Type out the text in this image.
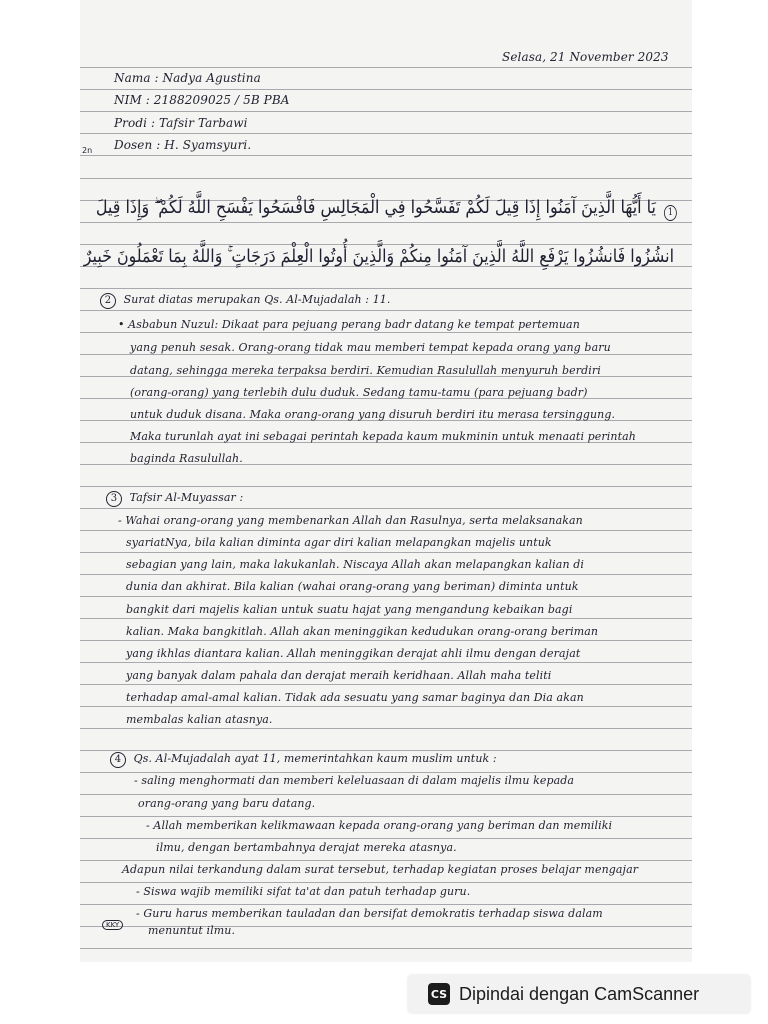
2n
Selasa, 21 November 2023
Nama : Nadya Agustina
NIM : 2188209025 / 5B PBA
Prodi : Tafsir Tarbawi
Dosen : H. Syamsyuri.
1
يَا أَيُّهَا الَّذِينَ آمَنُوا إِذَا قِيلَ لَكُمْ تَفَسَّحُوا فِي الْمَجَالِسِ فَافْسَحُوا يَفْسَحِ اللَّهُ لَكُمْ ۖ وَإِذَا قِيلَ
انشُزُوا فَانشُزُوا يَرْفَعِ اللَّهُ الَّذِينَ آمَنُوا مِنكُمْ وَالَّذِينَ أُوتُوا الْعِلْمَ دَرَجَاتٍ ۚ وَاللَّهُ بِمَا تَعْمَلُونَ خَبِيرٌ
2 Surat diatas merupakan Qs. Al-Mujadalah : 11.
• Asbabun Nuzul: Dikaat para pejuang perang badr datang ke tempat pertemuan
yang penuh sesak. Orang-orang tidak mau memberi tempat kepada orang yang baru
datang, sehingga mereka terpaksa berdiri. Kemudian Rasulullah menyuruh berdiri
(orang-orang) yang terlebih dulu duduk. Sedang tamu-tamu (para pejuang badr)
untuk duduk disana. Maka orang-orang yang disuruh berdiri itu merasa tersinggung.
Maka turunlah ayat ini sebagai perintah kepada kaum mukminin untuk menaati perintah
baginda Rasulullah.
3 Tafsir Al-Muyassar :
- Wahai orang-orang yang membenarkan Allah dan Rasulnya, serta melaksanakan
syariatNya, bila kalian diminta agar diri kalian melapangkan majelis untuk
sebagian yang lain, maka lakukanlah. Niscaya Allah akan melapangkan kalian di
dunia dan akhirat. Bila kalian (wahai orang-orang yang beriman) diminta untuk
bangkit dari majelis kalian untuk suatu hajat yang mengandung kebaikan bagi
kalian. Maka bangkitlah. Allah akan meninggikan kedudukan orang-orang beriman
yang ikhlas diantara kalian. Allah meninggikan derajat ahli ilmu dengan derajat
yang banyak dalam pahala dan derajat meraih keridhaan. Allah maha teliti
terhadap amal-amal kalian. Tidak ada sesuatu yang samar baginya dan Dia akan
membalas kalian atasnya.
4 Qs. Al-Mujadalah ayat 11, memerintahkan kaum muslim untuk :
- saling menghormati dan memberi keleluasaan di dalam majelis ilmu kepada
orang-orang yang baru datang.
- Allah memberikan kelikmawaan kepada orang-orang yang beriman dan memiliki
ilmu, dengan bertambahnya derajat mereka atasnya.
Adapun nilai terkandung dalam surat tersebut, terhadap kegiatan proses belajar mengajar
- Siswa wajib memiliki sifat ta'at dan patuh terhadap guru.
- Guru harus memberikan tauladan dan bersifat demokratis terhadap siswa dalam
menuntut ilmu.
KKY
CS Dipindai dengan CamScanner
